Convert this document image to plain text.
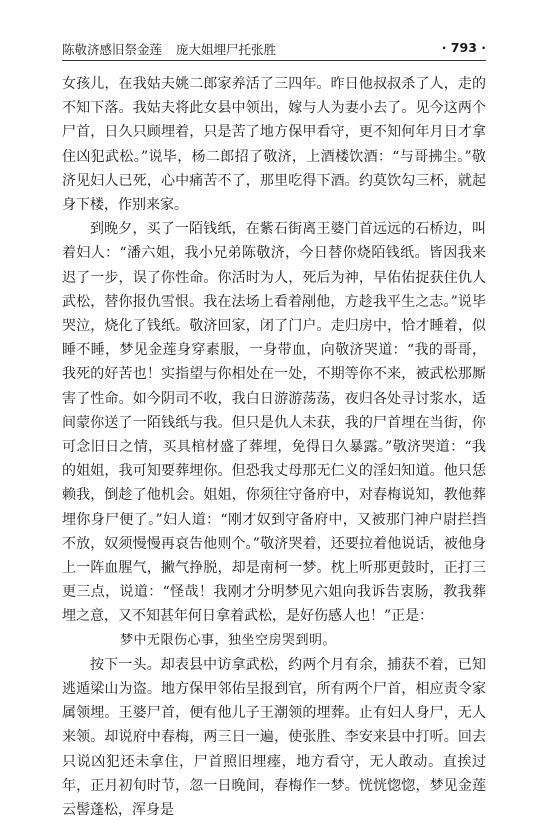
陈敬济感旧祭金莲 庞大姐埋尸托张胜	· 793 ·

女孩儿，在我姑夫姚二郎家养活了三四年。昨日他叔叔杀了人，走的不知下落。我姑夫将此女县中领出，嫁与人为妻小去了。见今这两个尸首，日久只顾埋着，只是苦了地方保甲看守，更不知何年月日才拿住凶犯武松。”说毕，杨二郎招了敬济，上酒楼饮酒：“与哥拂尘。”敬济见妇人已死，心中痛苦不了，那里吃得下酒。约莫饮勾三杯，就起身下楼，作别来家。

到晚夕，买了一陌钱纸，在紫石街离王婆门首远远的石桥边，叫着妇人：“潘六姐，我小兄弟陈敬济，今日替你烧陌钱纸。皆因我来迟了一步，误了你性命。你活时为人，死后为神，早佑佑捉获住仇人武松，替你报仇雪恨。我在法场上看着剐他，方趁我平生之志。”说毕哭泣，烧化了钱纸。敬济回家，闭了门户。走归房中，恰才睡着，似睡不睡，梦见金莲身穿素服，一身带血，向敬济哭道：“我的哥哥，我死的好苦也！实指望与你相处在一处，不期等你不来，被武松那厮害了性命。如今阴司不收，我白日游游荡荡，夜归各处寻讨浆水，适间蒙你送了一陌钱纸与我。但只是仇人未获，我的尸首埋在当街，你可念旧日之情，买具棺材盛了葬埋，免得日久暴露。”敬济哭道：“我的姐姐，我可知要葬埋你。但恐我丈母那无仁义的淫妇知道。他只恁赖我，倒趁了他机会。姐姐，你须往守备府中，对春梅说知，教他葬埋你身尸便了。”妇人道：“刚才奴到守备府中，又被那门神户尉拦挡不放，奴须慢慢再哀告他则个。”敬济哭着，还要拉着他说话，被他身上一阵血腥气，撇气挣脱，却是南柯一梦。枕上听那更鼓时，正打三更三点，说道：“怪哉！我刚才分明梦见六姐向我诉告衷肠，教我葬埋之意，又不知甚年何日拿着武松，是好伤感人也！”正是：

梦中无限伤心事，独坐空房哭到明。

按下一头。却表县中访拿武松，约两个月有余，捕获不着，已知逃遁梁山为盗。地方保甲邻佑呈报到官，所有两个尸首，相应责令家属领埋。王婆尸首，便有他儿子王潮领的埋葬。止有妇人身尸，无人来领。却说府中春梅，两三日一遍，使张胜、李安来县中打听。回去只说凶犯还未拿住，尸首照旧埋瘗，地方看守，无人敢动。直挨过年，正月初旬时节，忽一日晚间，春梅作一梦。恍恍惚惚，梦见金莲云髻蓬松，浑身是
